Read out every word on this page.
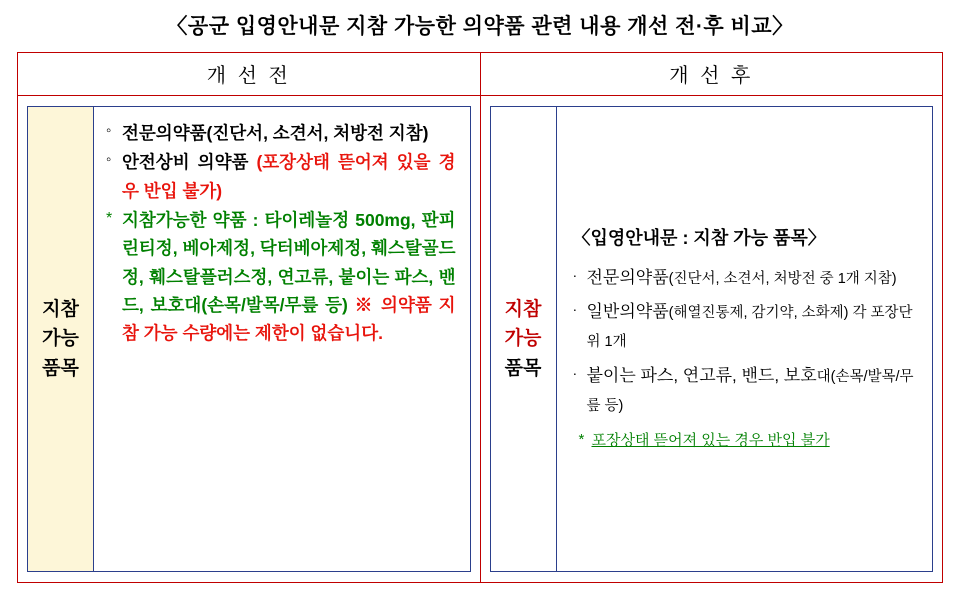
〈공군 입영안내문 지참 가능한 의약품 관련 내용 개선 전·후 비교〉
개 선 전	개 선 후

지참
가능
품목
◦ 전문의약품(진단서, 소견서, 처방전 지참)
◦ 안전상비 의약품 (포장상태 뜯어져 있을 경우 반입 불가)
* 지참가능한 약품 : 타이레놀정 500mg, 판피린티정, 베아제정, 닥터베아제정, 훼스탈골드정, 훼스탈플러스정, 연고류, 붙이는 파스, 밴드, 보호대(손목/발목/무릎 등) ※ 의약품 지참 가능 수량에는 제한이 없습니다.

지참
가능
품목
〈입영안내문 : 지참 가능 품목〉
· 전문의약품(진단서, 소견서, 처방전 중 1개 지참)
· 일반의약품(해열진통제, 감기약, 소화제) 각 포장단위 1개
· 붙이는 파스, 연고류, 밴드, 보호대(손목/발목/무릎 등)
* 포장상태 뜯어져 있는 경우 반입 불가
